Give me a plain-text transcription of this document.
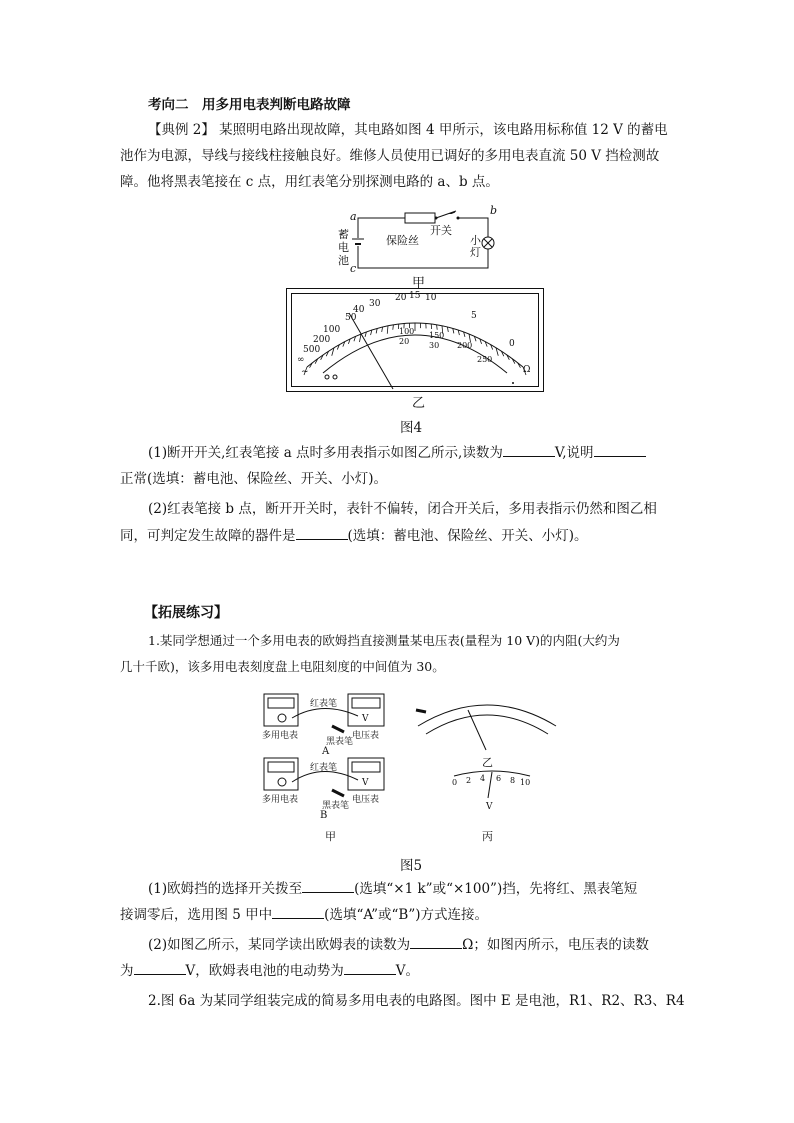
考向二　用多用电表判断电路故障
【典例 2】 某照明电路出现故障，其电路如图 4 甲所示，该电路用标称值 12 V 的蓄电
池作为电源，导线与接线柱接触良好。维修人员使用已调好的多用电表直流 50 V 挡检测故
障。他将黑表笔接在 c 点，用红表笔分别探测电路的 a、b 点。
a	b
c
蓄
电
池
保险丝
开关
小
灯
甲
~	Ω
20 15 10
30
40
50
100
200
500
∞
5
0
100 150
200
250
20 30
乙
图4
(1)断开开关,红表笔接 a 点时多用表指示如图乙所示,读数为	V,说明
正常(选填：蓄电池、保险丝、开关、小灯)。
(2)红表笔接 b 点，断开开关时，表针不偏转，闭合开关后，多用表指示仍然和图乙相
同，可判定发生故障的器件是	(选填：蓄电池、保险丝、开关、小灯)。
【拓展练习】
1.某同学想通过一个多用电表的欧姆挡直接测量某电压表(量程为 10 V)的内阻(大约为
几十千欧)，该多用电表刻度盘上电阻刻度的中间值为 30。
红表笔
多用电表
黑表笔
电压表
V
A
红表笔
多用电表
黑表笔
电压表
V
B
甲
乙
0 2 4 6 8 10
V
丙
图5
(1)欧姆挡的选择开关拨至	(选填“×1 k”或“×100”)挡，先将红、黑表笔短
接调零后，选用图 5 甲中	(选填“A”或“B”)方式连接。
(2)如图乙所示，某同学读出欧姆表的读数为	Ω；如图丙所示，电压表的读数
为	V，欧姆表电池的电动势为	V。
2.图 6a 为某同学组装完成的简易多用电表的电路图。图中 E 是电池，R1、R2、R3、R4
